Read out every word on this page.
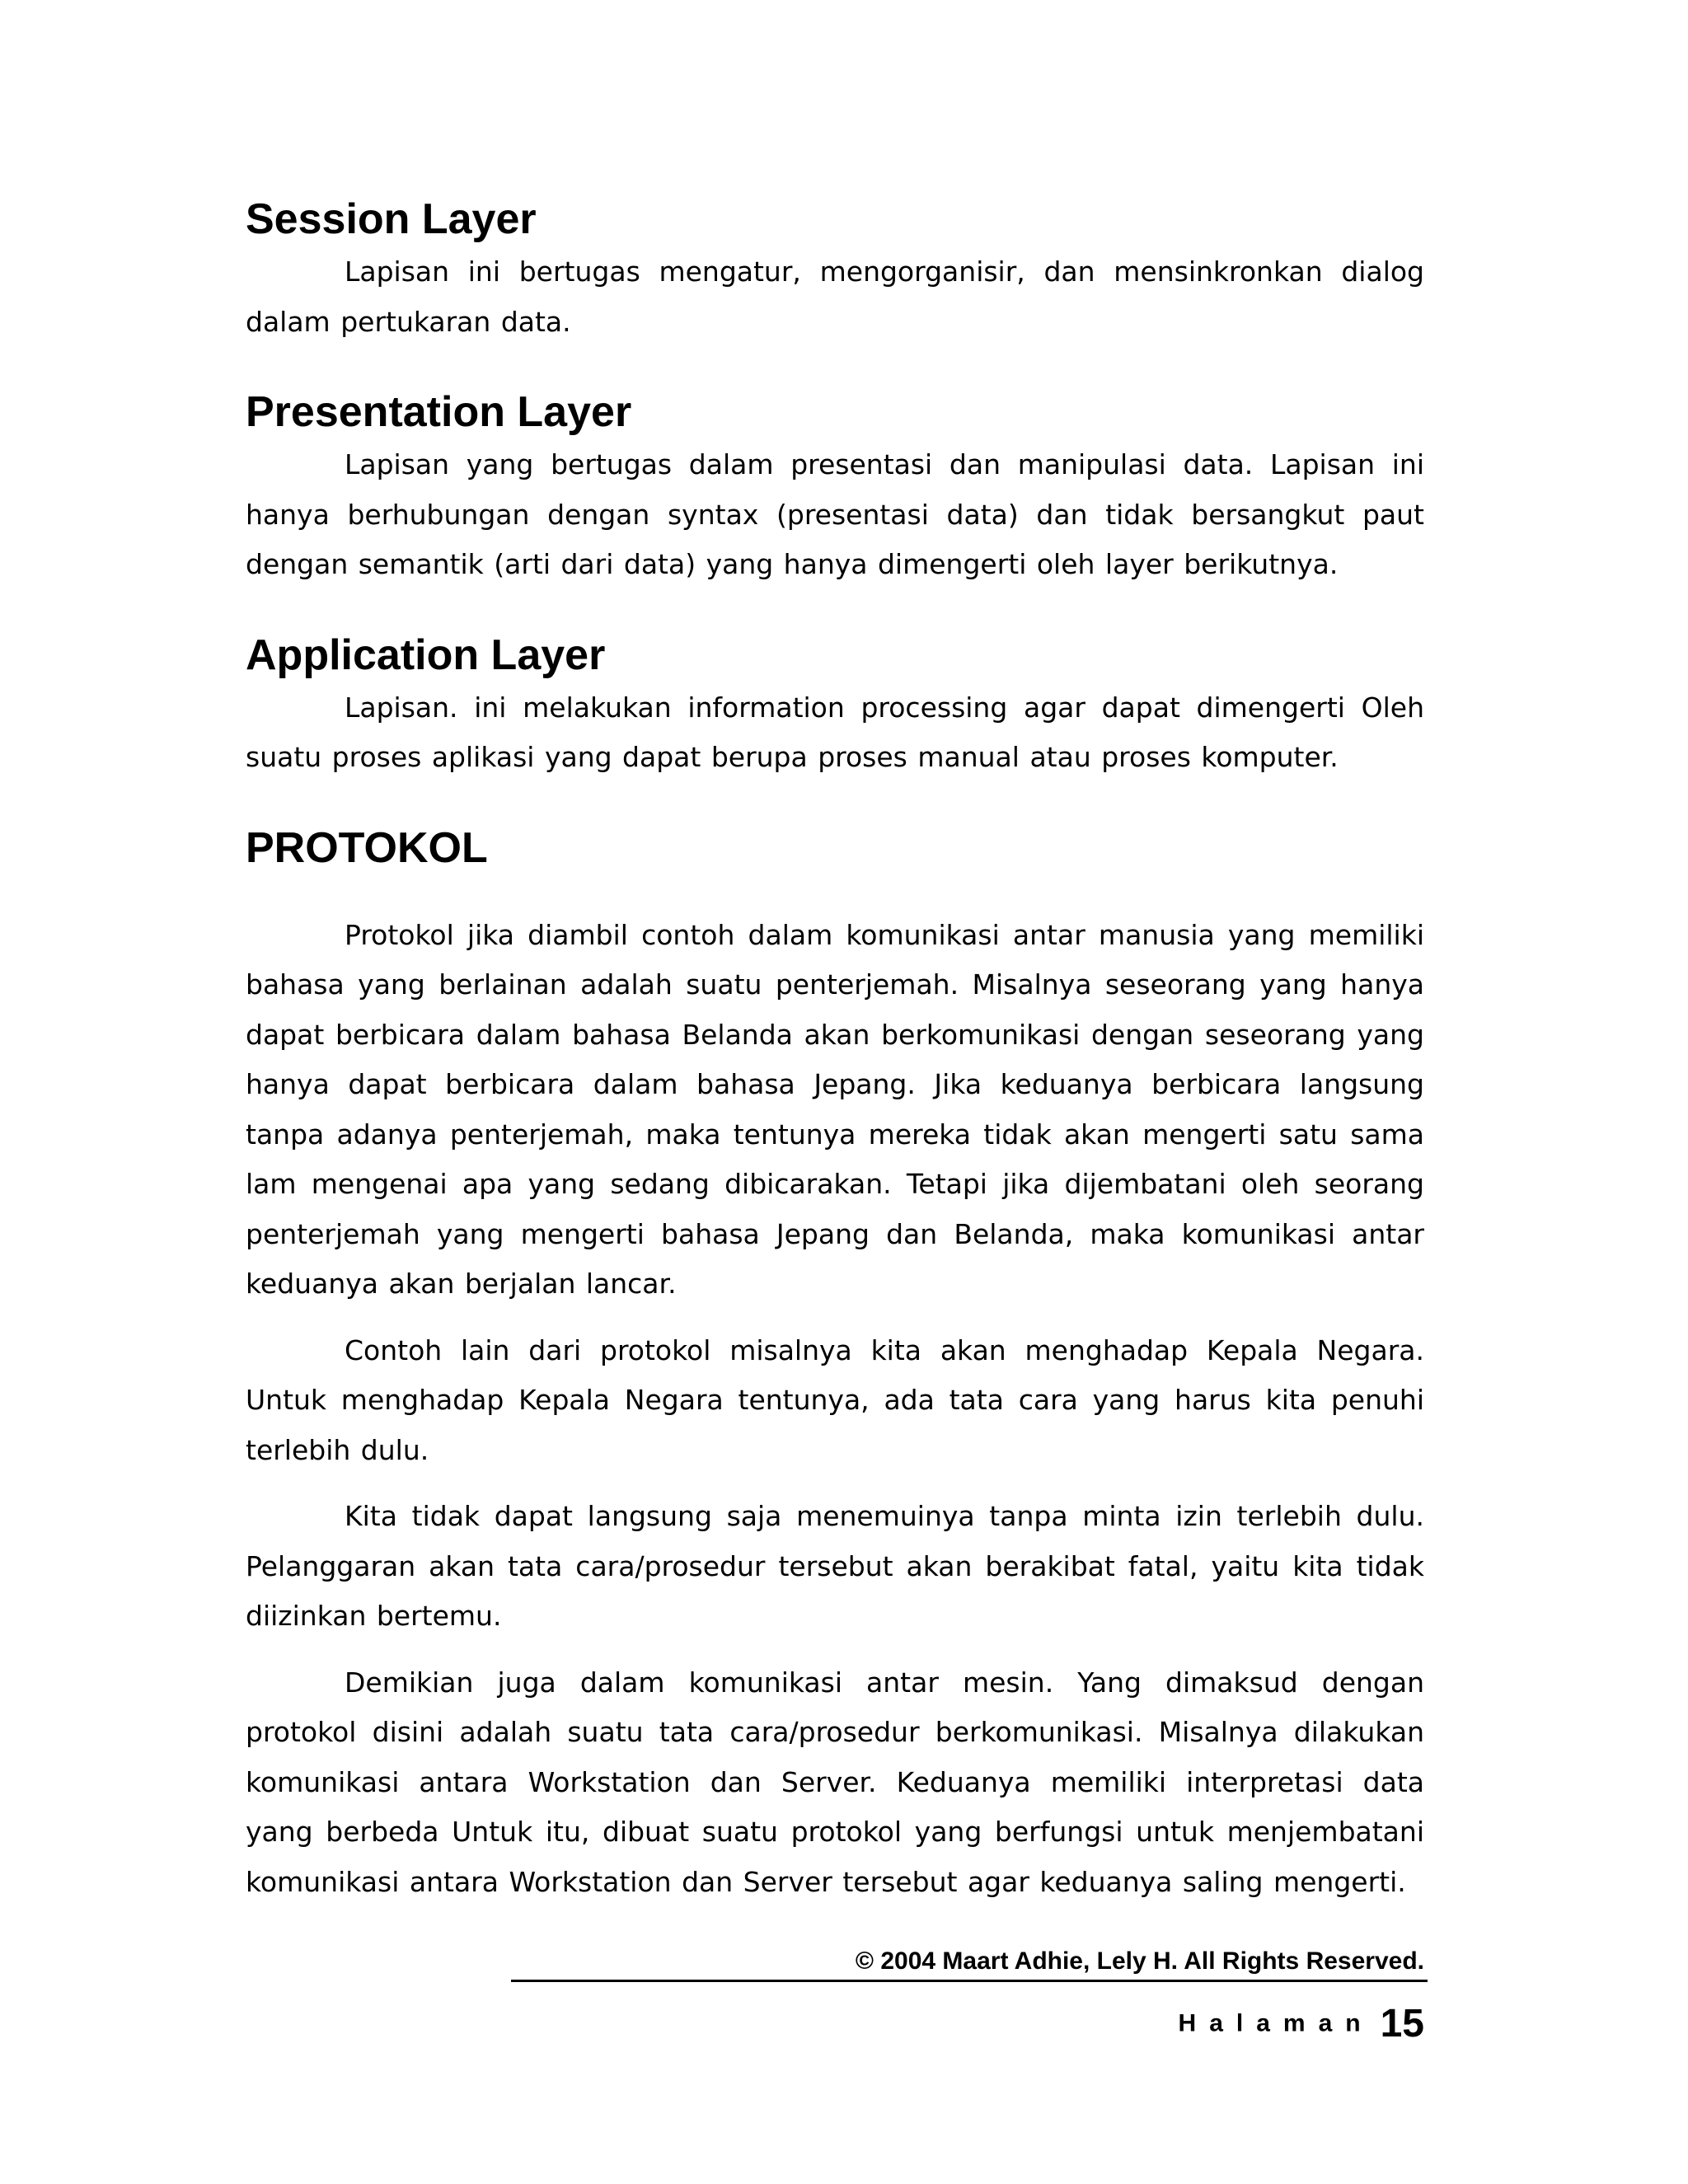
Session Layer

Lapisan ini bertugas mengatur, mengorganisir, dan mensinkronkan dialog dalam pertukaran data.

Presentation Layer

Lapisan yang bertugas dalam presentasi dan manipulasi data. Lapisan ini hanya berhubungan dengan syntax (presentasi data) dan tidak bersangkut paut dengan semantik (arti dari data) yang hanya dimengerti oleh layer berikutnya.

Application Layer

Lapisan. ini melakukan information processing agar dapat dimengerti Oleh suatu proses aplikasi yang dapat berupa proses manual atau proses komputer.

PROTOKOL

Protokol jika diambil contoh dalam komunikasi antar manusia yang memiliki bahasa yang berlainan adalah suatu penterjemah. Misalnya seseorang yang hanya dapat berbicara dalam bahasa Belanda akan berkomunikasi dengan seseorang yang hanya dapat berbicara dalam bahasa Jepang. Jika keduanya berbicara langsung tanpa adanya penterjemah, maka tentunya mereka tidak akan mengerti satu sama lam mengenai apa yang sedang dibicarakan. Tetapi jika dijembatani oleh seorang penterjemah yang mengerti bahasa Jepang dan Belanda, maka komunikasi antar keduanya akan berjalan lancar.

Contoh lain dari protokol misalnya kita akan menghadap Kepala Negara. Untuk menghadap Kepala Negara tentunya, ada tata cara yang harus kita penuhi terlebih dulu.

Kita tidak dapat langsung saja menemuinya tanpa minta izin terlebih dulu. Pelanggaran akan tata cara/prosedur tersebut akan berakibat fatal, yaitu kita tidak diizinkan bertemu.

Demikian juga dalam komunikasi antar mesin. Yang dimaksud dengan protokol disini adalah suatu tata cara/prosedur berkomunikasi. Misalnya dilakukan komunikasi antara Workstation dan Server. Keduanya memiliki interpretasi data yang berbeda Untuk itu, dibuat suatu protokol yang berfungsi untuk menjembatani komunikasi antara Workstation dan Server tersebut agar keduanya saling mengerti.

© 2004 Maart Adhie, Lely H. All Rights Reserved.
Halaman 15
